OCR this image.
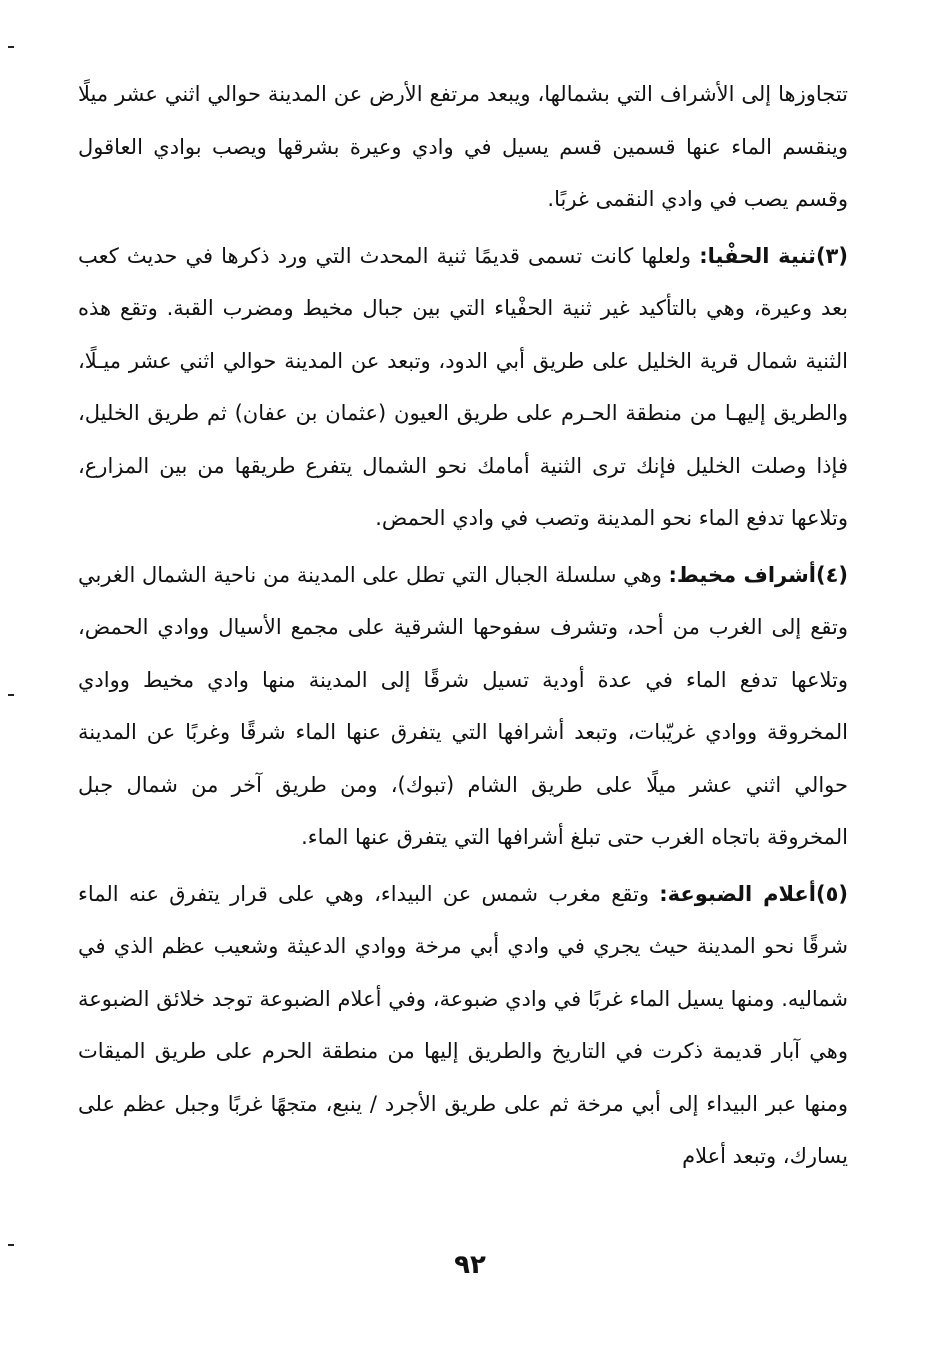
تتجاوزها إلى الأشراف التي بشمالها، ويبعد مرتفع الأرض عن المدينة حوالي اثني عشر ميلًا وينقسم الماء عنها قسمين قسم يسيل في وادي وعيرة بشرقها ويصب بوادي العاقول وقسم يصب في وادي النقمى غربًا.

(٣)ثنية الحفْيا: ولعلها كانت تسمى قديمًا ثنية المحدث التي ورد ذكرها في حديث كعب بعد وعيرة، وهي بالتأكيد غير ثنية الحفْياء التي بين جبال مخيط ومضرب القبة. وتقع هذه الثنية شمال قرية الخليل على طريق أبي الدود، وتبعد عن المدينة حوالي اثني عشر ميـلًا، والطريق إليهـا من منطقة الحـرم على طريق العيون (عثمان بن عفان) ثم طريق الخليل، فإذا وصلت الخليل فإنك ترى الثنية أمامك نحو الشمال يتفرع طريقها من بين المزارع، وتلاعها تدفع الماء نحو المدينة وتصب في وادي الحمض.

(٤)أشراف مخيط: وهي سلسلة الجبال التي تطل على المدينة من ناحية الشمال الغربي وتقع إلى الغرب من أحد، وتشرف سفوحها الشرقية على مجمع الأسيال ووادي الحمض، وتلاعها تدفع الماء في عدة أودية تسيل شرقًا إلى المدينة منها وادي مخيط ووادي المخروقة ووادي غريّبات، وتبعد أشرافها التي يتفرق عنها الماء شرقًا وغربًا عن المدينة حوالي اثني عشر ميلًا على طريق الشام (تبوك)، ومن طريق آخر من شمال جبل المخروقة باتجاه الغرب حتى تبلغ أشرافها التي يتفرق عنها الماء.

(٥)أعلام الضبوعة: وتقع مغرب شمس عن البيداء، وهي على قرار يتفرق عنه الماء شرقًا نحو المدينة حيث يجري في وادي أبي مرخة ووادي الدعيثة وشعيب عظم الذي في شماليه. ومنها يسيل الماء غربًا في وادي ضبوعة، وفي أعلام الضبوعة توجد خلائق الضبوعة وهي آبار قديمة ذكرت في التاريخ والطريق إليها من منطقة الحرم على طريق الميقات ومنها عبر البيداء إلى أبي مرخة ثم على طريق الأجرد / ينبع، متجهًا غربًا وجبل عظم على يسارك، وتبعد أعلام

٩٢
